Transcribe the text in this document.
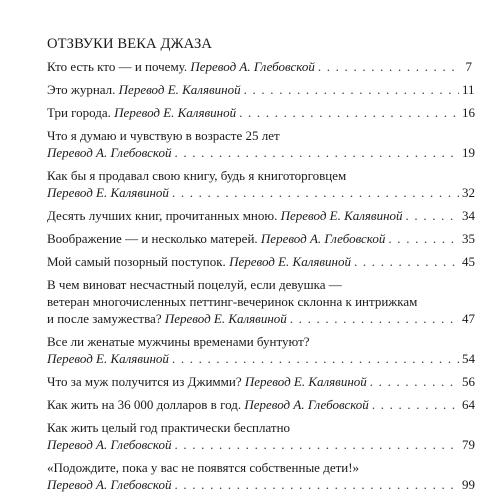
ОТЗВУКИ ВЕКА ДЖАЗА
Кто есть кто — и почему. Перевод А. Глебовской . . .	7
Это журнал. Перевод Е. Калявиной . . .	11
Три города. Перевод Е. Калявиной . . .	16
Что я думаю и чувствую в возрасте 25 лет
Перевод А. Глебовской . . .	19
Как бы я продавал свою книгу, будь я книготорговцем
Перевод Е. Калявиной . . .	32
Десять лучших книг, прочитанных мною. Перевод Е. Калявиной . . .	34
Воображение — и несколько матерей. Перевод А. Глебовской . . .	35
Мой самый позорный поступок. Перевод Е. Калявиной . . .	45
В чем виноват несчастный поцелуй, если девушка —
ветеран многочисленных петтинг-вечеринок склонна к интрижкам
и после замужества? Перевод Е. Калявиной . . .	47
Все ли женатые мужчины временами бунтуют?
Перевод Е. Калявиной . . .	54
Что за муж получится из Джимми? Перевод Е. Калявиной . . .	56
Как жить на 36 000 долларов в год. Перевод А. Глебовской . . .	64
Как жить целый год практически бесплатно
Перевод А. Глебовской . . .	79
«Подождите, пока у вас не появятся собственные дети!»
Перевод А. Глебовской . . .	99
